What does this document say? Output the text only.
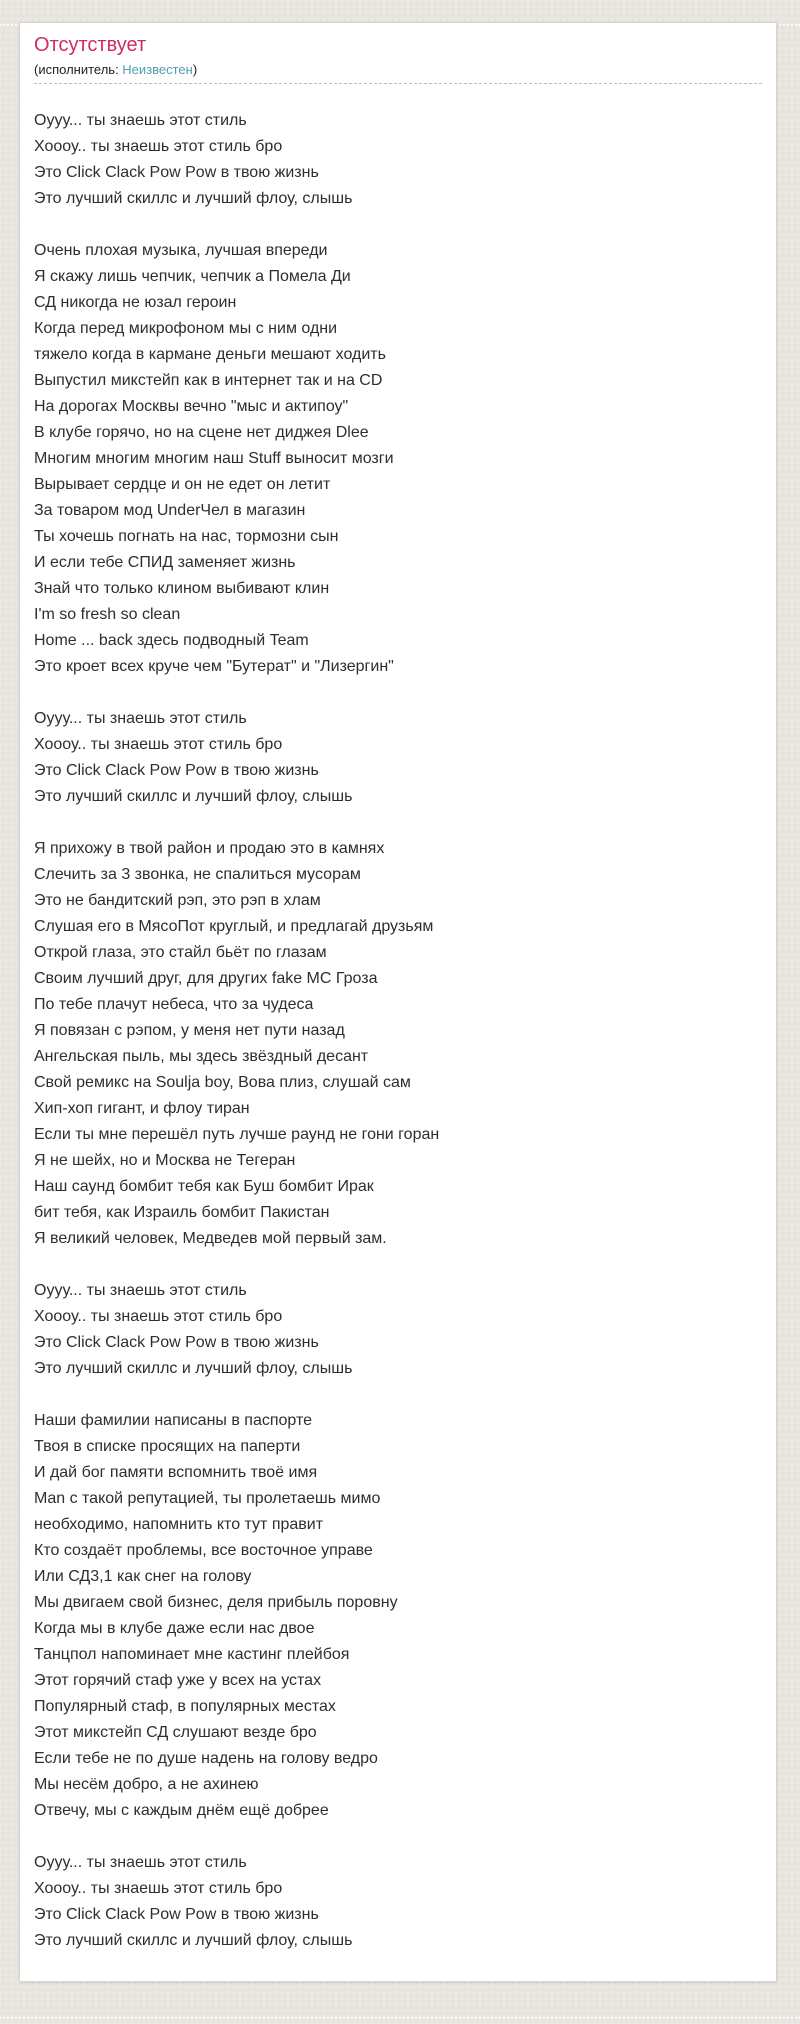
Отсутствует
(исполнитель: Неизвестен)
Оууу... ты знаешь этот стиль
Хоооу.. ты знаешь этот стиль бро
Это Click Clack Pow Pow в твою жизнь
Это лучший скиллс и лучший флоу, слышь
Очень плохая музыка, лучшая впереди
Я скажу лишь чепчик, чепчик а Помела Ди
СД никогда не юзал героин
Когда перед микрофоном мы с ним одни
тяжело когда в кармане деньги мешают ходить
Выпустил микстейп как в интернет так и на CD
На дорогах Москвы вечно "мыс и актипоу"
В клубе горячо, но на сцене нет диджея Dlee
Многим многим многим наш Stuff выносит мозги
Вырывает сердце и он не едет он летит
За товаром мод UnderЧел в магазин
Ты хочешь погнать на нас, тормозни сын
И если тебе СПИД заменяет жизнь
Знай что только клином выбивают клин
I'm so fresh so clean
Home ... back здесь подводный Team
Это кроет всех круче чем "Бутерат" и "Лизергин"
Оууу... ты знаешь этот стиль
Хоооу.. ты знаешь этот стиль бро
Это Click Clack Pow Pow в твою жизнь
Это лучший скиллс и лучший флоу, слышь
Я прихожу в твой район и продаю это в камнях
Слечить за 3 звонка, не спалиться мусорам
Это не бандитский рэп, это рэп в хлам
Слушая его в МясоПот круглый, и предлагай друзьям
Открой глаза, это стайл бьёт по глазам
Своим лучший друг, для других fake MC Гроза
По тебе плачут небеса, что за чудеса
Я повязан с рэпом, у меня нет пути назад
Ангельская пыль, мы здесь звёздный десант
Свой ремикс на Soulja boy, Вова плиз, слушай сам
Хип-хоп гигант, и флоу тиран
Если ты мне перешёл путь лучше раунд не гони горан
Я не шейх, но и Москва не Тегеран
Наш саунд бомбит тебя как Буш бомбит Ирак
бит тебя, как Израиль бомбит Пакистан
Я великий человек, Медведев мой первый зам.
Оууу... ты знаешь этот стиль
Хоооу.. ты знаешь этот стиль бро
Это Click Clack Pow Pow в твою жизнь
Это лучший скиллс и лучший флоу, слышь
Наши фамилии написаны в паспорте
Твоя в списке просящих на паперти
И дай бог памяти вспомнить твоё имя
Man с такой репутацией, ты пролетаешь мимо
необходимо, напомнить кто тут правит
Кто создаёт проблемы, все восточное управе
Или СД3,1 как снег на голову
Мы двигаем свой бизнес, деля прибыль поровну
Когда мы в клубе даже если нас двое
Танцпол напоминает мне кастинг плейбоя
Этот горячий стаф уже у всех на устах
Популярный стаф, в популярных местах
Этот микстейп СД слушают везде бро
Если тебе не по душе надень на голову ведро
Мы несём добро, а не ахинею
Отвечу, мы с каждым днём ещё добрее
Оууу... ты знаешь этот стиль
Хоооу.. ты знаешь этот стиль бро
Это Click Clack Pow Pow в твою жизнь
Это лучший скиллс и лучший флоу, слышь
